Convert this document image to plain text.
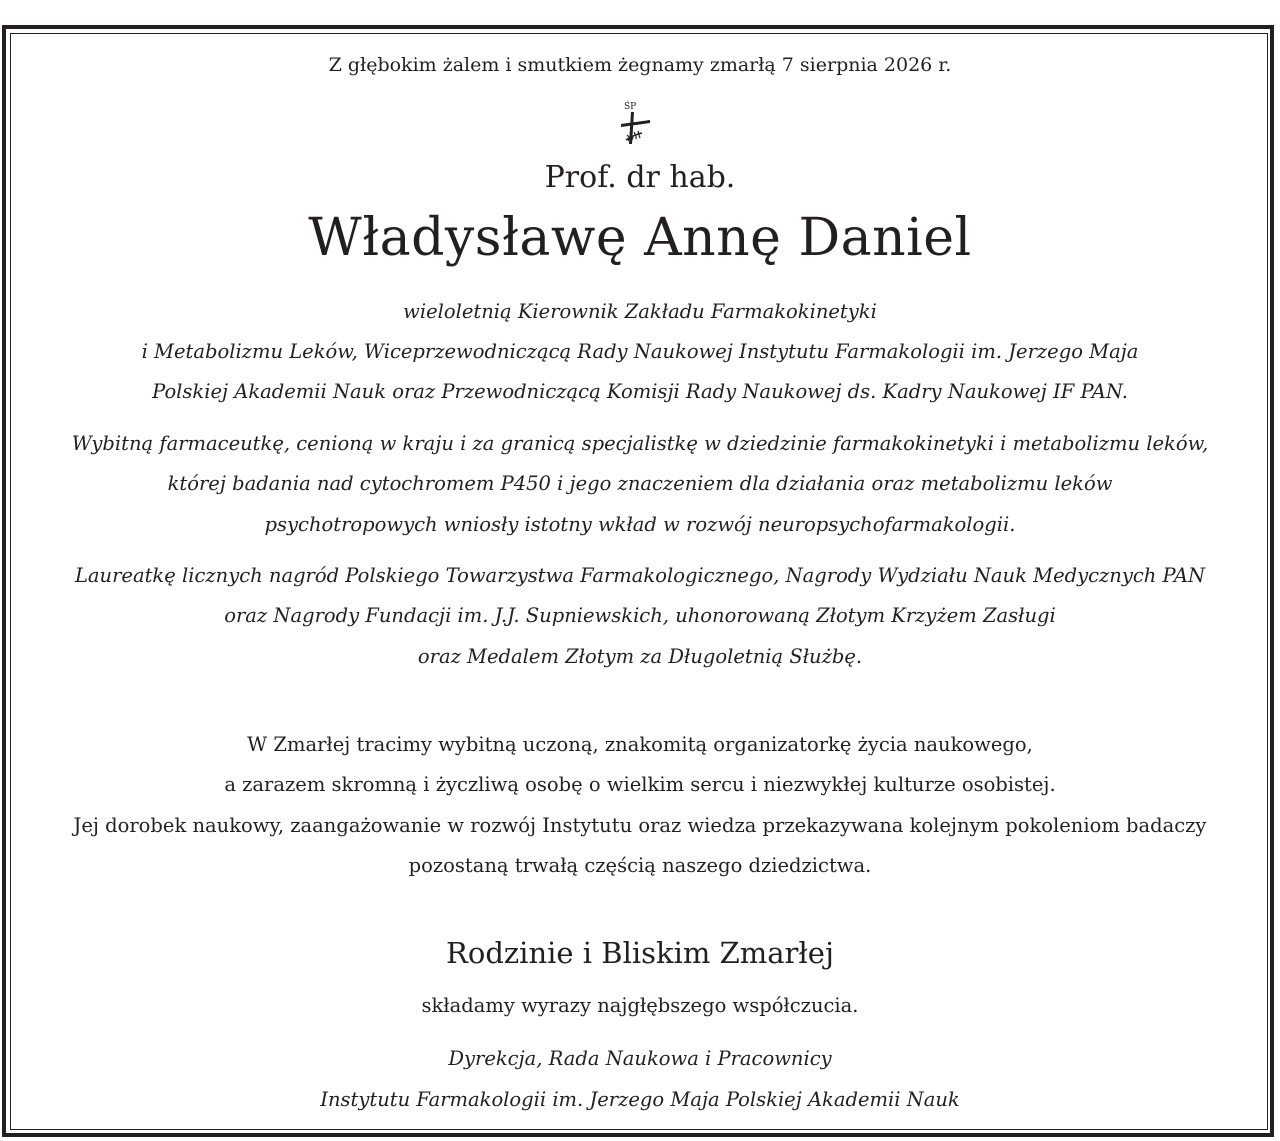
Z głębokim żalem i smutkiem żegnamy zmarłą 7 sierpnia 2026 r.

ŚP

Prof. dr hab.

Władysławę Annę Daniel

wieloletnią Kierownik Zakładu Farmakokinetyki

i Metabolizmu Leków, Wiceprzewodniczącą Rady Naukowej Instytutu Farmakologii im. Jerzego Maja

Polskiej Akademii Nauk oraz Przewodniczącą Komisji Rady Naukowej ds. Kadry Naukowej IF PAN.

Wybitną farmaceutkę, cenioną w kraju i za granicą specjalistkę w dziedzinie farmakokinetyki i metabolizmu leków,

której badania nad cytochromem P450 i jego znaczeniem dla działania oraz metabolizmu leków

psychotropowych wniosły istotny wkład w rozwój neuropsychofarmakologii.

Laureatkę licznych nagród Polskiego Towarzystwa Farmakologicznego, Nagrody Wydziału Nauk Medycznych PAN

oraz Nagrody Fundacji im. J.J. Supniewskich, uhonorowaną Złotym Krzyżem Zasługi

oraz Medalem Złotym za Długoletnią Służbę.

W Zmarłej tracimy wybitną uczoną, znakomitą organizatorkę życia naukowego,

a zarazem skromną i życzliwą osobę o wielkim sercu i niezwykłej kulturze osobistej.

Jej dorobek naukowy, zaangażowanie w rozwój Instytutu oraz wiedza przekazywana kolejnym pokoleniom badaczy

pozostaną trwałą częścią naszego dziedzictwa.

Rodzinie i Bliskim Zmarłej

składamy wyrazy najgłębszego współczucia.

Dyrekcja, Rada Naukowa i Pracownicy

Instytutu Farmakologii im. Jerzego Maja Polskiej Akademii Nauk
